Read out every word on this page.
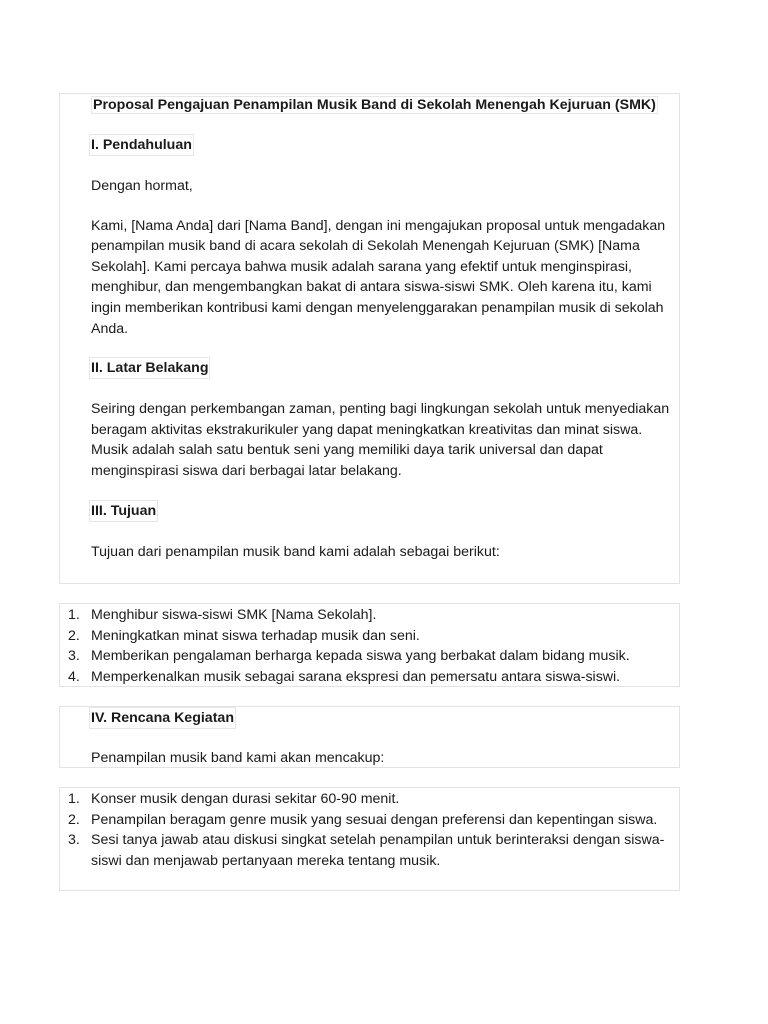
Proposal Pengajuan Penampilan Musik Band di Sekolah Menengah Kejuruan (SMK)
I. Pendahuluan

Dengan hormat,

Kami, [Nama Anda] dari [Nama Band], dengan ini mengajukan proposal untuk mengadakan penampilan musik band di acara sekolah di Sekolah Menengah Kejuruan (SMK) [Nama Sekolah]. Kami percaya bahwa musik adalah sarana yang efektif untuk menginspirasi, menghibur, dan mengembangkan bakat di antara siswa-siswi SMK. Oleh karena itu, kami ingin memberikan kontribusi kami dengan menyelenggarakan penampilan musik di sekolah Anda.

II. Latar Belakang

Seiring dengan perkembangan zaman, penting bagi lingkungan sekolah untuk menyediakan beragam aktivitas ekstrakurikuler yang dapat meningkatkan kreativitas dan minat siswa. Musik adalah salah satu bentuk seni yang memiliki daya tarik universal dan dapat menginspirasi siswa dari berbagai latar belakang.

III. Tujuan

Tujuan dari penampilan musik band kami adalah sebagai berikut:

1. Menghibur siswa-siswi SMK [Nama Sekolah].
2. Meningkatkan minat siswa terhadap musik dan seni.
3. Memberikan pengalaman berharga kepada siswa yang berbakat dalam bidang musik.
4. Memperkenalkan musik sebagai sarana ekspresi dan pemersatu antara siswa-siswi.
IV. Rencana Kegiatan

Penampilan musik band kami akan mencakup:

1. Konser musik dengan durasi sekitar 60-90 menit.
2. Penampilan beragam genre musik yang sesuai dengan preferensi dan kepentingan siswa.
3. Sesi tanya jawab atau diskusi singkat setelah penampilan untuk berinteraksi dengan siswa-siswi dan menjawab pertanyaan mereka tentang musik.
